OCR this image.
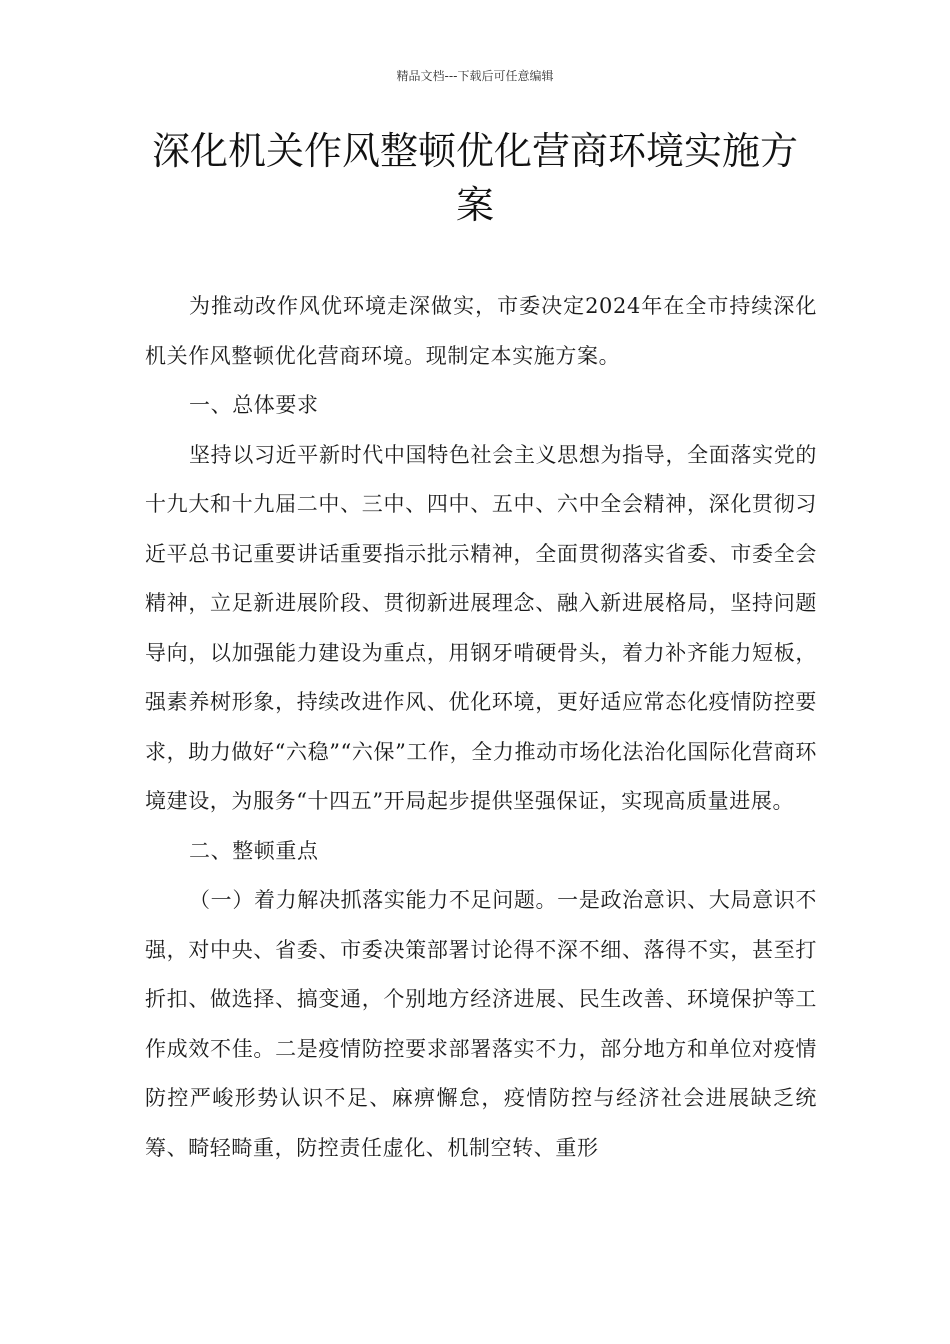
精品文档---下载后可任意编辑
深化机关作风整顿优化营商环境实施方案

为推动改作风优环境走深做实，市委决定2024年在全市持续深化机关作风整顿优化营商环境。现制定本实施方案。

一、总体要求

坚持以习近平新时代中国特色社会主义思想为指导，全面落实党的十九大和十九届二中、三中、四中、五中、六中全会精神，深化贯彻习近平总书记重要讲话重要指示批示精神，全面贯彻落实省委、市委全会精神，立足新进展阶段、贯彻新进展理念、融入新进展格局，坚持问题导向，以加强能力建设为重点，用钢牙啃硬骨头，着力补齐能力短板，强素养树形象，持续改进作风、优化环境，更好适应常态化疫情防控要求，助力做好“六稳”“六保”工作，全力推动市场化法治化国际化营商环境建设，为服务“十四五”开局起步提供坚强保证，实现高质量进展。

二、整顿重点

（一）着力解决抓落实能力不足问题。一是政治意识、大局意识不强，对中央、省委、市委决策部署讨论得不深不细、落得不实，甚至打折扣、做选择、搞变通，个别地方经济进展、民生改善、环境保护等工作成效不佳。二是疫情防控要求部署落实不力，部分地方和单位对疫情防控严峻形势认识不足、麻痹懈怠，疫情防控与经济社会进展缺乏统筹、畸轻畸重，防控责任虚化、机制空转、重形
